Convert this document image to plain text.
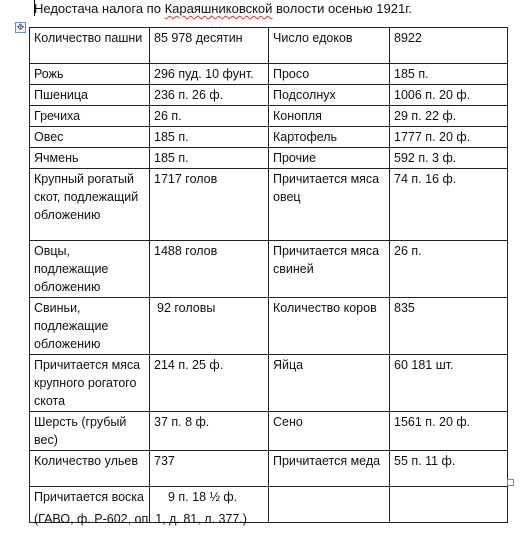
Недостача налога по Караяшниковской волости осенью 1921г.
✥
Количество пашни	85 978 десятин	Число едоков	8922
Рожь	296 пуд. 10 фунт.	Просо	185 п.
Пшеница	236 п. 26 ф.	Подсолнух	1006 п. 20 ф.
Гречиха	26 п.	Конопля	29 п. 22 ф.
Овес	185 п.	Картофель	1777 п. 20 ф.
Ячмень	185 п.	Прочие	592 п. 3 ф.
Крупный рогатый скот, подлежащий обложению	1717 голов	Причитается мяса овец	74 п. 16 ф.
Овцы, подлежащие обложению	1488 голов	Причитается мяса свиней	26 п.
Свиньи, подлежащие обложению	92 головы	Количество коров	835
Причитается мяса крупного рогатого скота	214 п. 25 ф.	Яйца	60 181 шт.
Шерсть (грубый вес)	37 п. 8 ф.	Сено	1561 п. 20 ф.
Количество ульев	737	Причитается меда	55 п. 11 ф.
Причитается воска	9 п. 18 ½ ф.		
(ГАВО, ф. Р-602, оп. 1, д. 81, л. 377.)
